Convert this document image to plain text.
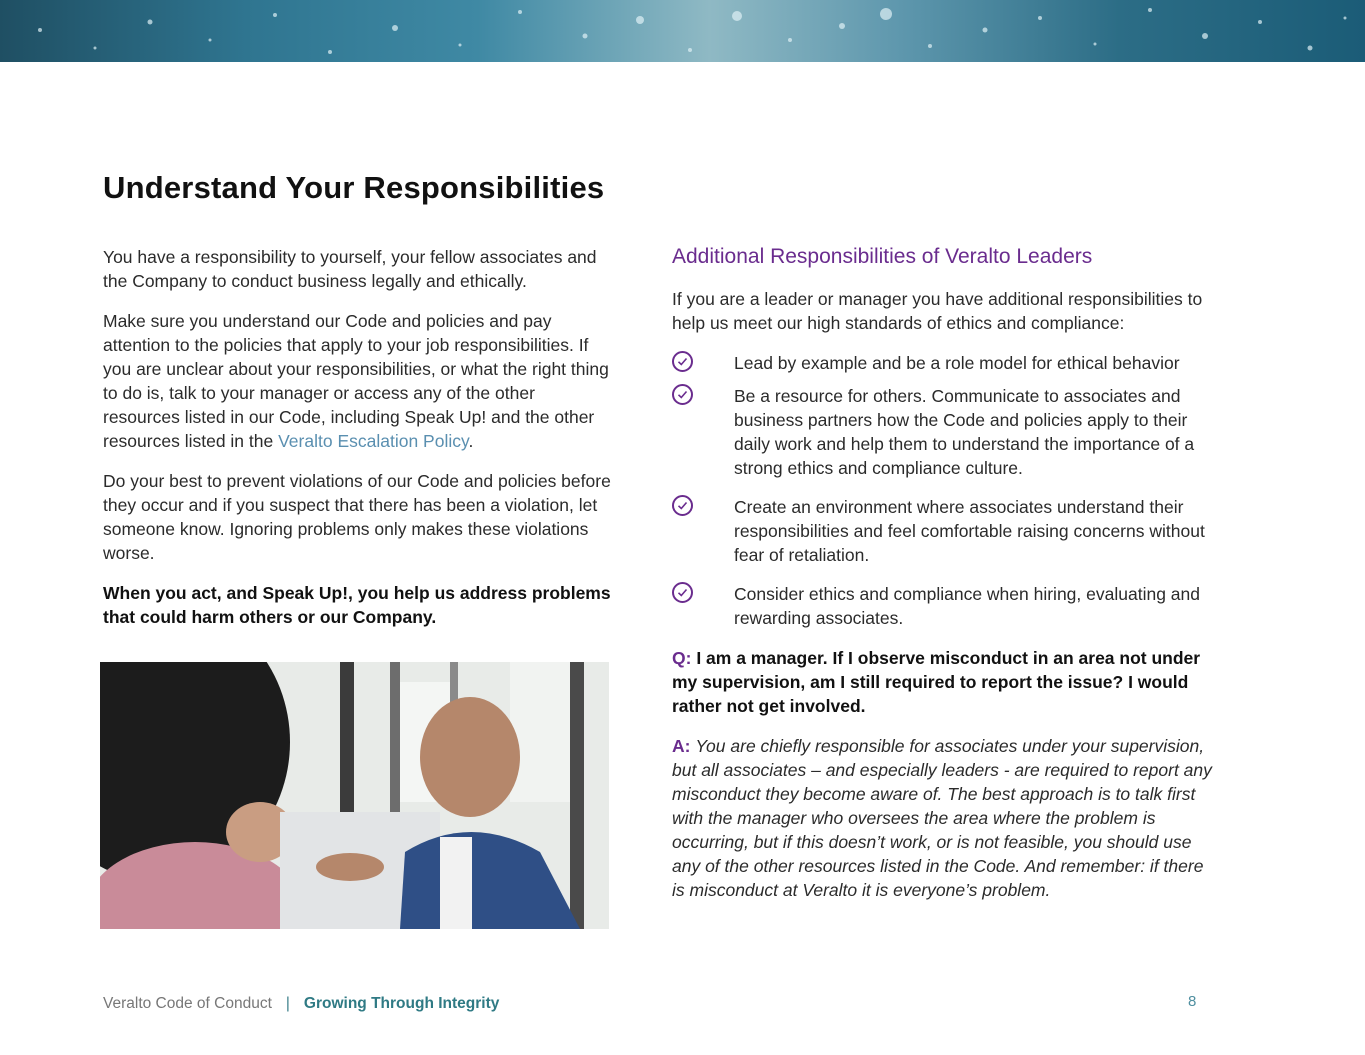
Understand Your Responsibilities

You have a responsibility to yourself, your fellow associates and the Company to conduct business legally and ethically.

Make sure you understand our Code and policies and pay attention to the policies that apply to your job responsibilities. If you are unclear about your responsibilities, or what the right thing to do is, talk to your manager or access any of the other resources listed in our Code, including Speak Up! and the other resources listed in the Veralto Escalation Policy.

Do your best to prevent violations of our Code and policies before they occur and if you suspect that there has been a violation, let someone know. Ignoring problems only makes these violations worse.

When you act, and Speak Up!, you help us address problems that could harm others or our Company.

Additional Responsibilities of Veralto Leaders

If you are a leader or manager you have additional responsibilities to help us meet our high standards of ethics and compliance:

Lead by example and be a role model for ethical behavior
Be a resource for others. Communicate to associates and business partners how the Code and policies apply to their daily work and help them to understand the importance of a strong ethics and compliance culture.
Create an environment where associates understand their responsibilities and feel comfortable raising concerns without fear of retaliation.
Consider ethics and compliance when hiring, evaluating and rewarding associates.

Q: I am a manager. If I observe misconduct in an area not under my supervision, am I still required to report the issue? I would rather not get involved.

A: You are chiefly responsible for associates under your supervision, but all associates – and especially leaders - are required to report any misconduct they become aware of. The best approach is to talk first with the manager who oversees the area where the problem is occurring, but if this doesn’t work, or is not feasible, you should use any of the other resources listed in the Code. And remember: if there is misconduct at Veralto it is everyone’s problem.

Veralto Code of Conduct | Growing Through Integrity	8
